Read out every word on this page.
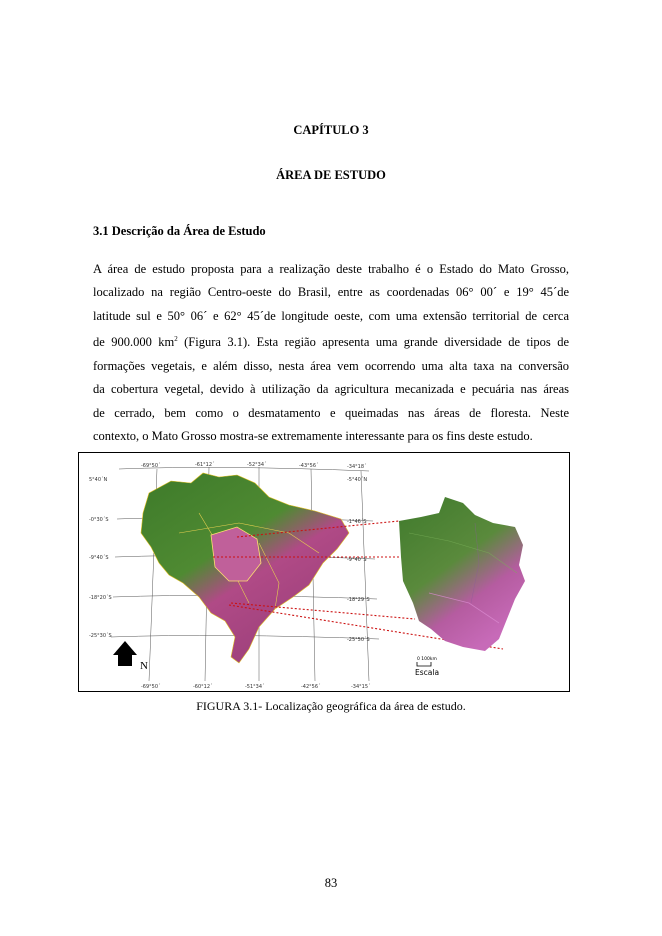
CAPÍTULO 3
ÁREA DE ESTUDO
3.1 Descrição da Área de Estudo
A área de estudo proposta para a realização deste trabalho é o Estado do Mato Grosso,
localizado na região Centro-oeste do Brasil, entre as coordenadas 06° 00´ e 19° 45´de
latitude sul e 50° 06´ e 62° 45´de longitude oeste, com uma extensão territorial de cerca
de 900.000 $km^2$ (Figura 3.1). Esta região apresenta uma grande diversidade de tipos de
formações vegetais, e além disso, nesta área vem ocorrendo uma alta taxa na conversão
da cobertura vegetal, devido à utilização da agricultura mecanizada e pecuária nas áreas
de cerrado, bem como o desmatamento e queimadas nas áreas de floresta. Neste
contexto, o Mato Grosso mostra-se extremamente interessante para os fins deste estudo.
-69°50´	-61°12´	-52°34´	-43°56´	-34°18´
-69°50´	-60°12´	-51°34´	-42°56´	-34°15´
5°40´N
-0°30´S
-9°40´S
-18°20´S
-25°30´S
-5°40´N
-1°46´S
-9°40´S
-18°29´S
-25°50´S
N
0 100km
Escala
FIGURA 3.1- Localização geográfica da área de estudo.
83
